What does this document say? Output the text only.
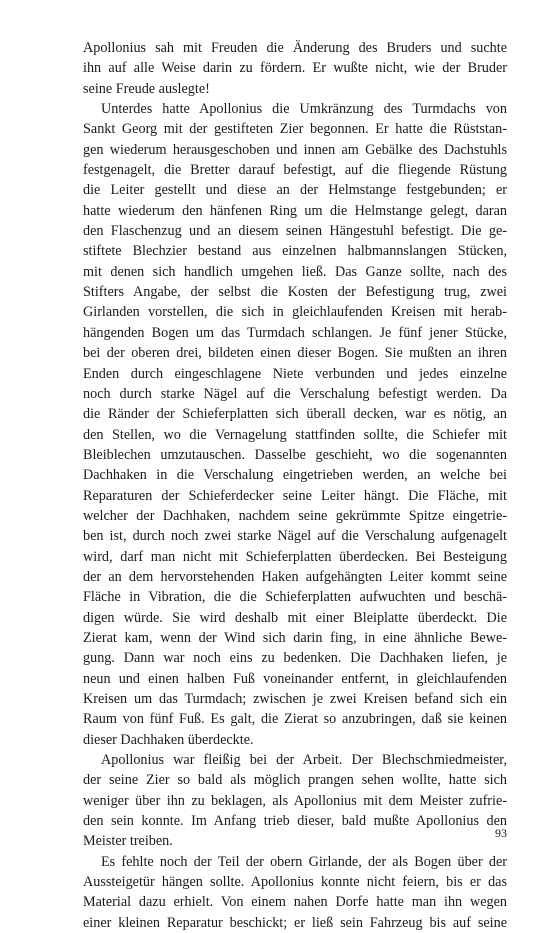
Apollonius sah mit Freuden die Änderung des Bruders und suchte
ihn auf alle Weise darin zu fördern. Er wußte nicht, wie der Bruder
seine Freude auslegte!
Unterdes hatte Apollonius die Umkränzung des Turmdachs von
Sankt Georg mit der gestifteten Zier begonnen. Er hatte die Rüststan-
gen wiederum herausgeschoben und innen am Gebälke des Dachstuhls
festgenagelt, die Bretter darauf befestigt, auf die fliegende Rüstung
die Leiter gestellt und diese an der Helmstange festgebunden; er
hatte wiederum den hänfenen Ring um die Helmstange gelegt, daran
den Flaschenzug und an diesem seinen Hängestuhl befestigt. Die ge-
stiftete Blechzier bestand aus einzelnen halbmannslangen Stücken,
mit denen sich handlich umgehen ließ. Das Ganze sollte, nach des
Stifters Angabe, der selbst die Kosten der Befestigung trug, zwei
Girlanden vorstellen, die sich in gleichlaufenden Kreisen mit herab-
hängenden Bogen um das Turmdach schlangen. Je fünf jener Stücke,
bei der oberen drei, bildeten einen dieser Bogen. Sie mußten an ihren
Enden durch eingeschlagene Niete verbunden und jedes einzelne
noch durch starke Nägel auf die Verschalung befestigt werden. Da
die Ränder der Schieferplatten sich überall decken, war es nötig, an
den Stellen, wo die Vernagelung stattfinden sollte, die Schiefer mit
Bleiblechen umzutauschen. Dasselbe geschieht, wo die sogenannten
Dachhaken in die Verschalung eingetrieben werden, an welche bei
Reparaturen der Schieferdecker seine Leiter hängt. Die Fläche, mit
welcher der Dachhaken, nachdem seine gekrümmte Spitze eingetrie-
ben ist, durch noch zwei starke Nägel auf die Verschalung aufgenagelt
wird, darf man nicht mit Schieferplatten überdecken. Bei Besteigung
der an dem hervorstehenden Haken aufgehängten Leiter kommt seine
Fläche in Vibration, die die Schieferplatten aufwuchten und beschä-
digen würde. Sie wird deshalb mit einer Bleiplatte überdeckt. Die
Zierat kam, wenn der Wind sich darin fing, in eine ähnliche Bewe-
gung. Dann war noch eins zu bedenken. Die Dachhaken liefen, je
neun und einen halben Fuß voneinander entfernt, in gleichlaufenden
Kreisen um das Turmdach; zwischen je zwei Kreisen befand sich ein
Raum von fünf Fuß. Es galt, die Zierat so anzubringen, daß sie keinen
dieser Dachhaken überdeckte.
Apollonius war fleißig bei der Arbeit. Der Blechschmiedmeister,
der seine Zier so bald als möglich prangen sehen wollte, hatte sich
weniger über ihn zu beklagen, als Apollonius mit dem Meister zufrie-
den sein konnte. Im Anfang trieb dieser, bald mußte Apollonius den
Meister treiben.
Es fehlte noch der Teil der obern Girlande, der als Bogen über der
Aussteigetür hängen sollte. Apollonius konnte nicht feiern, bis er das
Material dazu erhielt. Von einem nahen Dorfe hatte man ihn wegen
einer kleinen Reparatur beschickt; er ließ sein Fahrzeug bis auf seine
93
